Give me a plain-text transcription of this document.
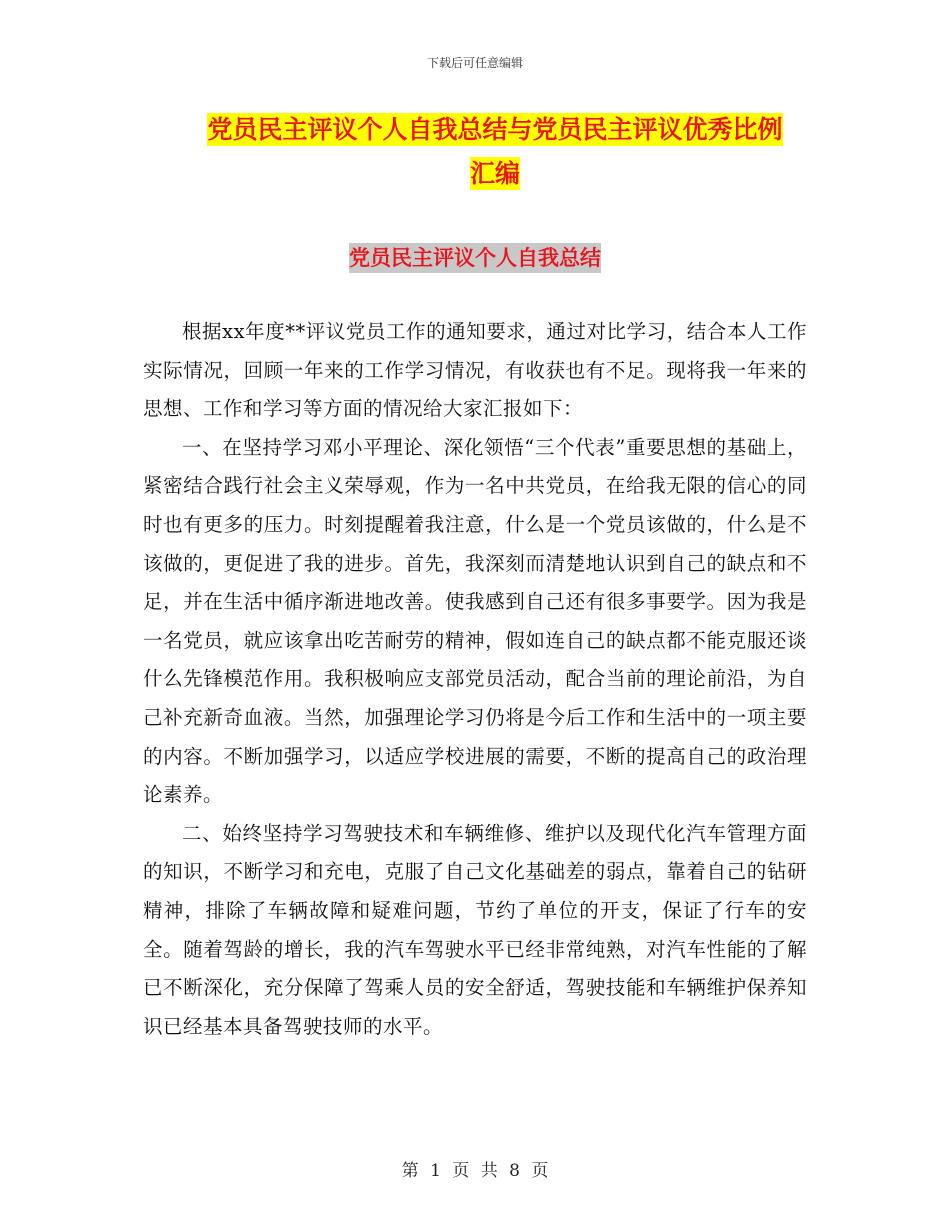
下载后可任意编辑
党员民主评议个人自我总结与党员民主评议优秀比例
汇编
党员民主评议个人自我总结

根据xx年度**评议党员工作的通知要求，通过对比学习，结合本人工作实际情况，回顾一年来的工作学习情况，有收获也有不足。现将我一年来的思想、工作和学习等方面的情况给大家汇报如下：

一、在坚持学习邓小平理论、深化领悟“三个代表”重要思想的基础上，紧密结合践行社会主义荣辱观，作为一名中共党员，在给我无限的信心的同时也有更多的压力。时刻提醒着我注意，什么是一个党员该做的，什么是不该做的，更促进了我的进步。首先，我深刻而清楚地认识到自己的缺点和不足，并在生活中循序渐进地改善。使我感到自己还有很多事要学。因为我是一名党员，就应该拿出吃苦耐劳的精神，假如连自己的缺点都不能克服还谈什么先锋模范作用。我积极响应支部党员活动，配合当前的理论前沿，为自己补充新奇血液。当然，加强理论学习仍将是今后工作和生活中的一项主要的内容。不断加强学习，以适应学校进展的需要，不断的提高自己的政治理论素养。

二、始终坚持学习驾驶技术和车辆维修、维护以及现代化汽车管理方面的知识，不断学习和充电，克服了自己文化基础差的弱点，靠着自己的钻研精神，排除了车辆故障和疑难问题，节约了单位的开支，保证了行车的安全。随着驾龄的增长，我的汽车驾驶水平已经非常纯熟，对汽车性能的了解已不断深化，充分保障了驾乘人员的安全舒适，驾驶技能和车辆维护保养知识已经基本具备驾驶技师的水平。

第 1 页 共 8 页
